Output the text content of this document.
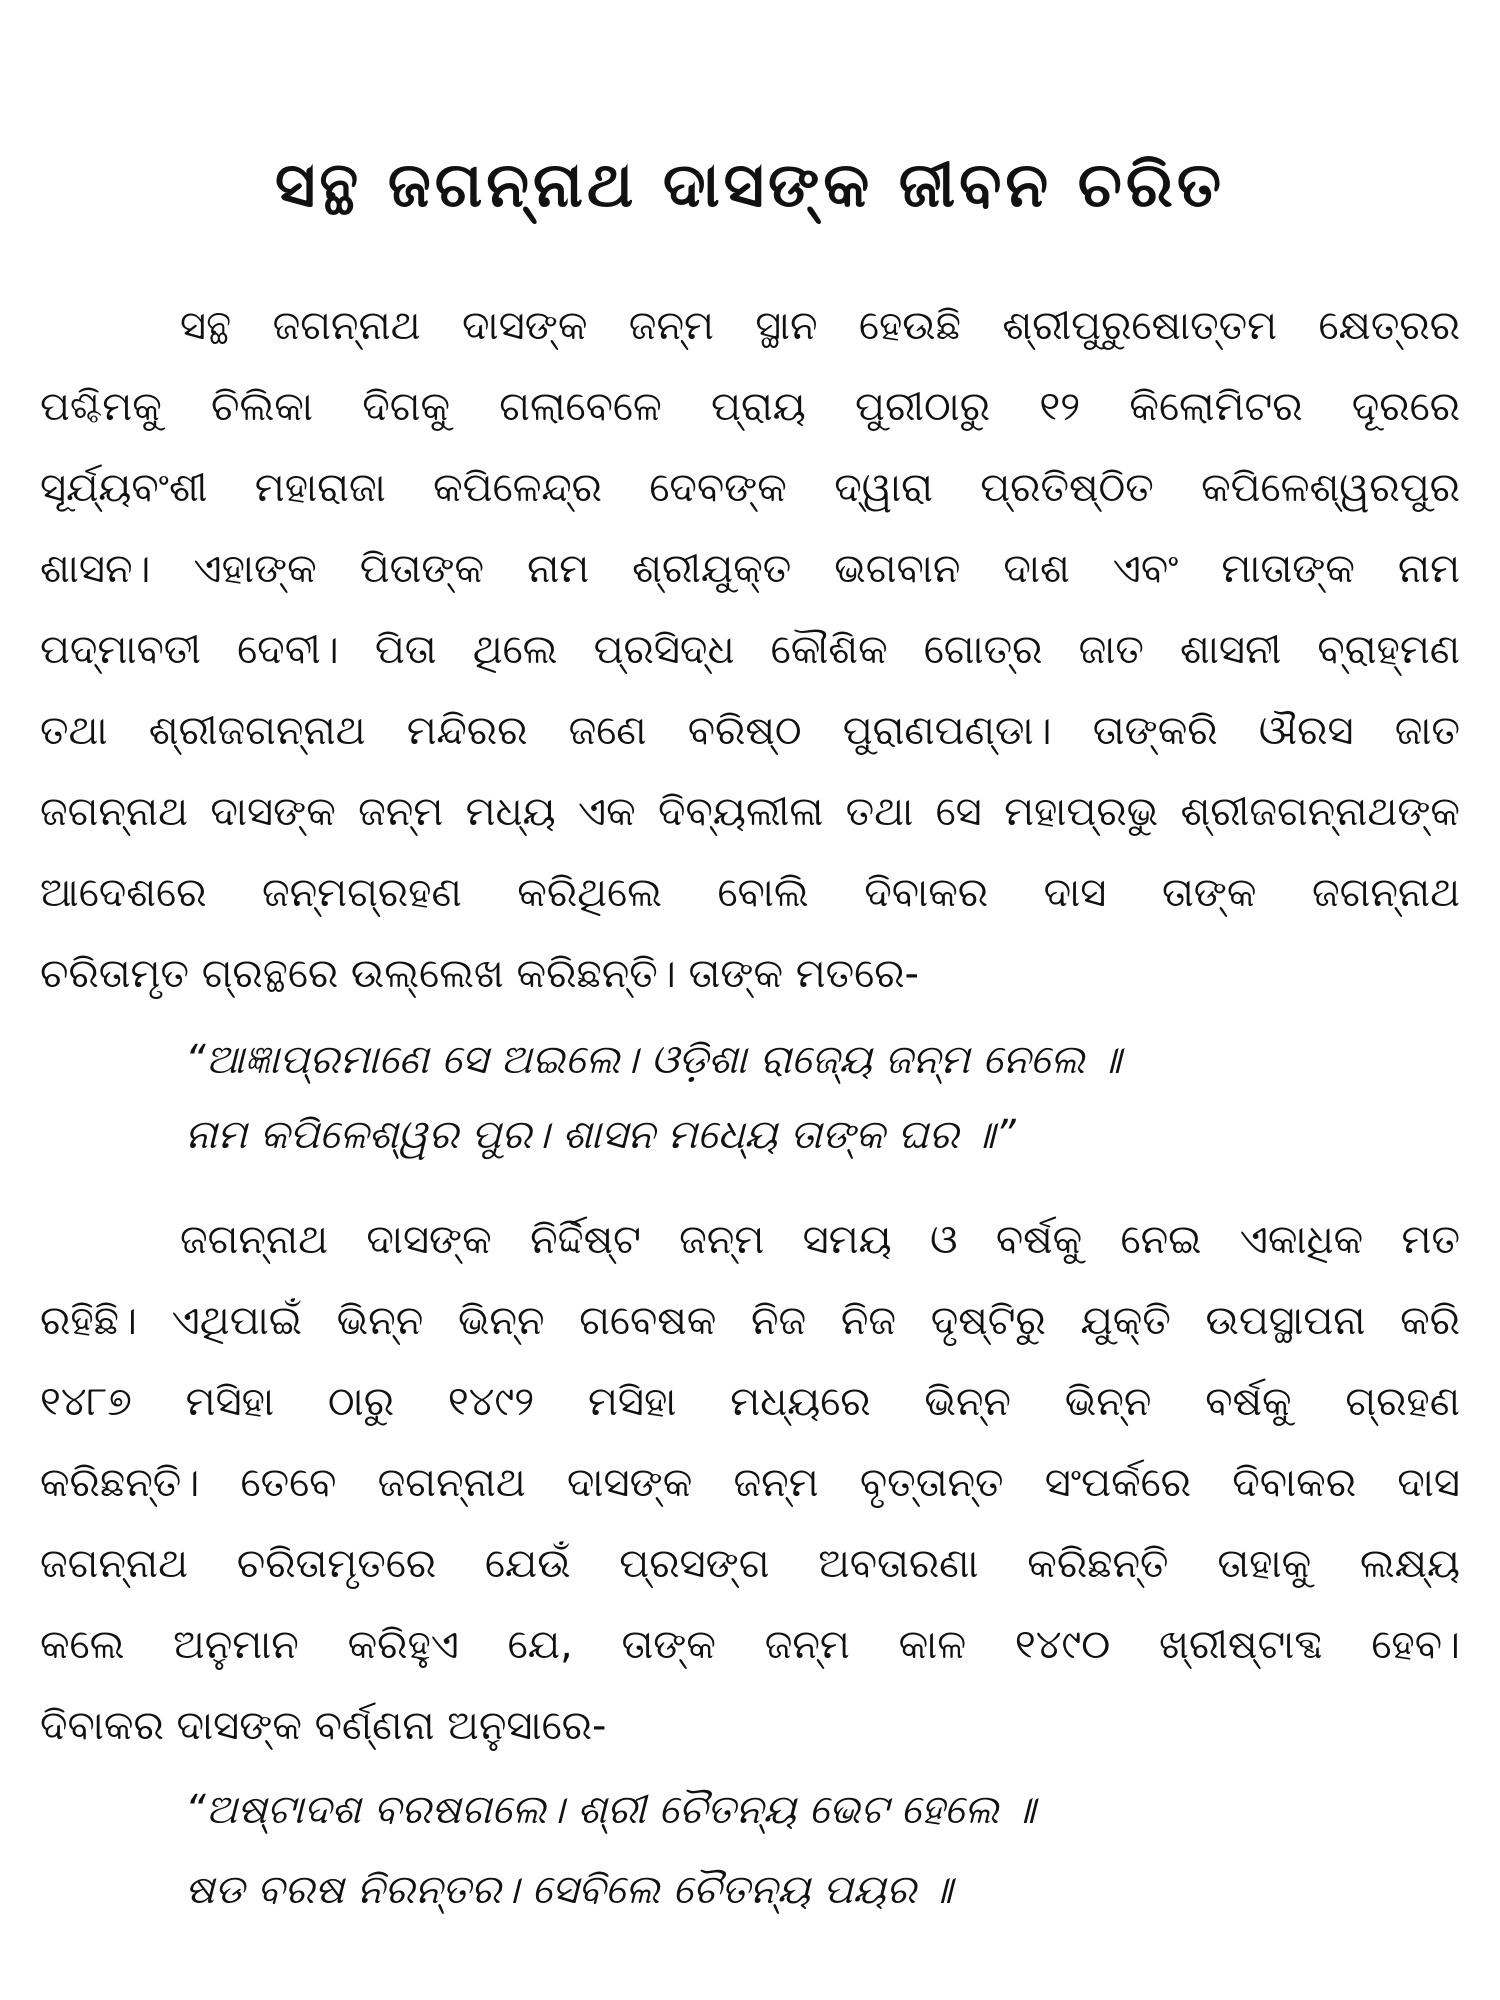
ସନ୍ଥ ଜଗନ୍ନାଥ ଦାସଙ୍କ ଜୀବନ ଚରିତ

ସନ୍ଥ ଜଗନ୍ନାଥ ଦାସଙ୍କ ଜନ୍ମ ସ୍ଥାନ ହେଉଛି ଶ୍ରୀପୁରୁଷୋତ୍ତମ କ୍ଷେତ୍ରର

ପଶ୍ଚିମକୁ ଚିଲିକା ଦିଗକୁ ଗଲାବେଳେ ପ୍ରାୟ ପୁରୀଠାରୁ ୧୨ କିଲୋମିଟର ଦୂରରେ

ସୂର୍ଯ୍ୟବଂଶୀ ମହାରାଜା କପିଳେନ୍ଦ୍ର ଦେବଙ୍କ ଦ୍ୱାରା ପ୍ରତିଷ୍ଠିତ କପିଳେଶ୍ୱରପୁର

ଶାସନ। ଏହାଙ୍କ ପିତାଙ୍କ ନାମ ଶ୍ରୀଯୁକ୍ତ ଭଗବାନ ଦାଶ ଏବଂ ମାତାଙ୍କ ନାମ

ପଦ୍ମାବତୀ ଦେବୀ। ପିତା ଥିଲେ ପ୍ରସିଦ୍ଧ କୌଶିକ ଗୋତ୍ର ଜାତ ଶାସନୀ ବ୍ରାହ୍ମଣ

ତଥା ଶ୍ରୀଜଗନ୍ନାଥ ମନ୍ଦିରର ଜଣେ ବରିଷ୍ଠ ପୁରାଣପଣ୍ଡା। ତାଙ୍କରି ଔରସ ଜାତ

ଜଗନ୍ନାଥ ଦାସଙ୍କ ଜନ୍ମ ମଧ୍ୟ ଏକ ଦିବ୍ୟଲୀଳା ତଥା ସେ ମହାପ୍ରଭୁ ଶ୍ରୀଜଗନ୍ନାଥଙ୍କ

ଆଦେଶରେ ଜନ୍ମଗ୍ରହଣ କରିଥିଲେ ବୋଲି ଦିବାକର ଦାସ ତାଙ୍କ ଜଗନ୍ନାଥ

ଚରିତାମୃତ ଗ୍ରନ୍ଥରେ ଉଲ୍ଲେଖ କରିଛନ୍ତି। ତାଙ୍କ ମତରେ-

“ଆଜ୍ଞାପ୍ରମାଣେ ସେ ଅଇଲେ। ଓଡ଼ିଶା ରାଜ୍ୟେ ଜନ୍ମ ନେଲେ ॥

ନାମ କପିଳେଶ୍ୱର ପୁର। ଶାସନ ମଧ୍ୟେ ତାଙ୍କ ଘର ॥”

ଜଗନ୍ନାଥ ଦାସଙ୍କ ନିର୍ଦ୍ଦିଷ୍ଟ ଜନ୍ମ ସମୟ ଓ ବର୍ଷକୁ ନେଇ ଏକାଧିକ ମତ

ରହିଛି। ଏଥିପାଇଁ ଭିନ୍ନ ଭିନ୍ନ ଗବେଷକ ନିଜ ନିଜ ଦୃଷ୍ଟିରୁ ଯୁକ୍ତି ଉପସ୍ଥାପନା କରି

୧୪୮୭ ମସିହା ଠାରୁ ୧୪୯୨ ମସିହା ମଧ୍ୟରେ ଭିନ୍ନ ଭିନ୍ନ ବର୍ଷକୁ ଗ୍ରହଣ

କରିଛନ୍ତି। ତେବେ ଜଗନ୍ନାଥ ଦାସଙ୍କ ଜନ୍ମ ବୃତ୍ତାନ୍ତ ସଂପର୍କରେ ଦିବାକର ଦାସ

ଜଗନ୍ନାଥ ଚରିତାମୃତରେ ଯେଉଁ ପ୍ରସଙ୍ଗ ଅବତାରଣା କରିଛନ୍ତି ତାହାକୁ ଲକ୍ଷ୍ୟ

କଲେ ଅନୁମାନ କରିହୁଏ ଯେ, ତାଙ୍କ ଜନ୍ମ କାଳ ୧୪୯୦ ଖ୍ରୀଷ୍ଟାବ୍ଦ ହେବ।

ଦିବାକର ଦାସଙ୍କ ବର୍ଣ୍ଣନା ଅନୁସାରେ-

“ଅଷ୍ଟାଦଶ ବରଷଗଲେ। ଶ୍ରୀ ଚୈତନ୍ୟ ଭେଟ ହେଲେ ॥

ଷଡ ବରଷ ନିରନ୍ତର। ସେବିଲେ ଚୈତନ୍ୟ ପୟର ॥
